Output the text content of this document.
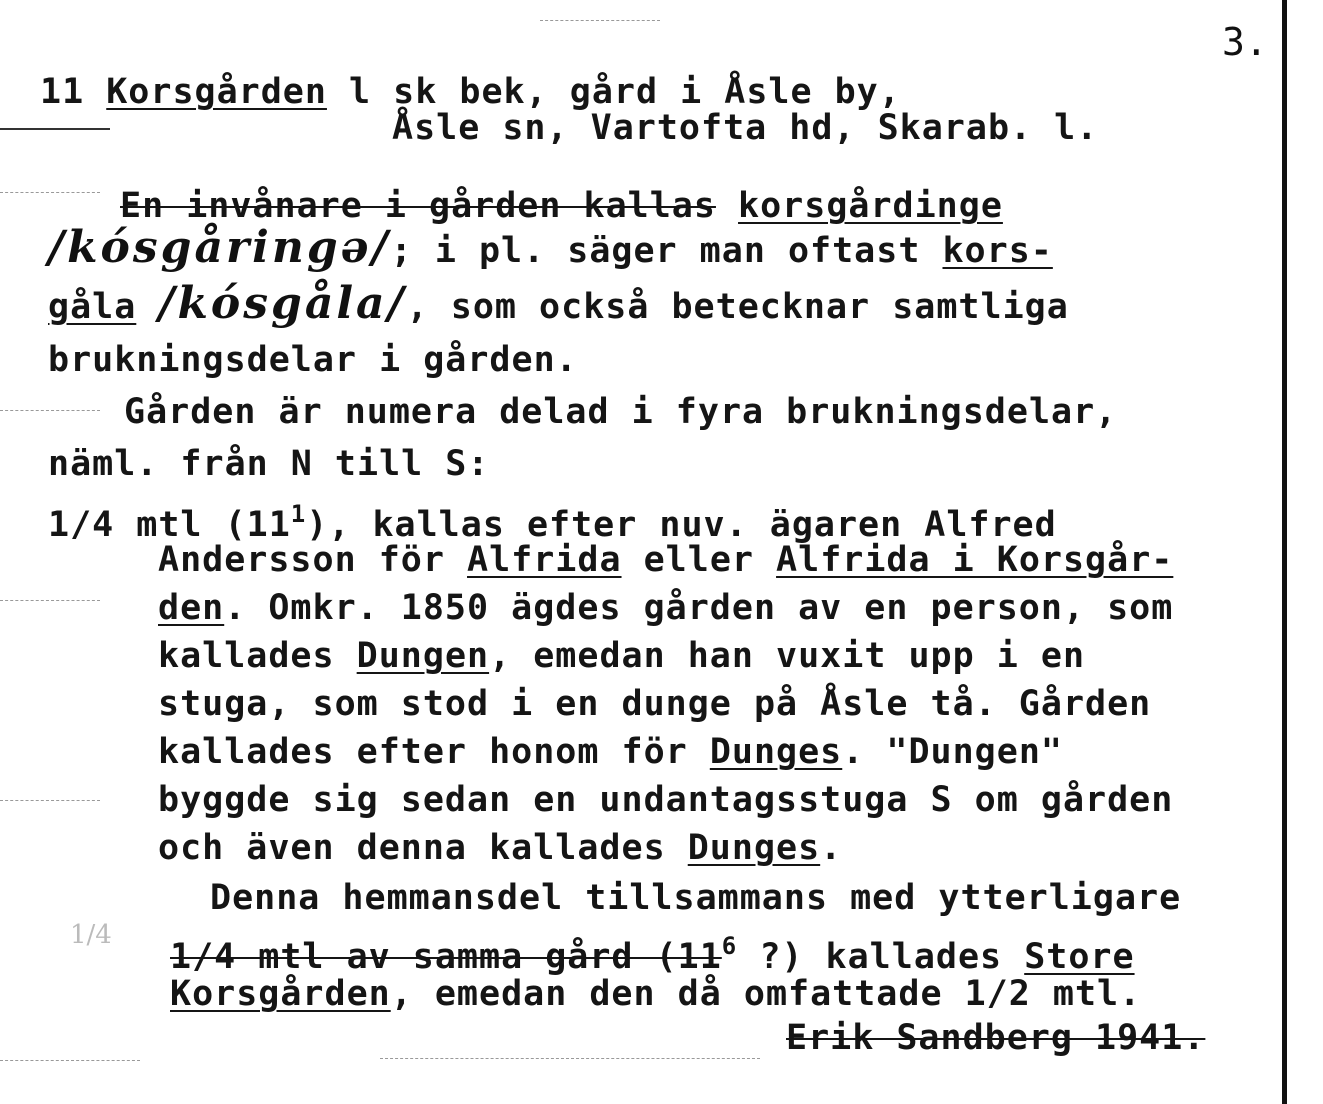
3.
11 Korsgården l sk bek, gård i Åsle by,
Åsle sn, Vartofta hd, Skarab. l.
En invånare i gården kallas korsgårdinge
/kósgåringə/; i pl. säger man oftast kors-
gåla /kósgåla/, som också betecknar samtliga
brukningsdelar i gården.
Gården är numera delad i fyra brukningsdelar,
näml. från N till S:
1/4 mtl $(11^1)$, kallas efter nuv. ägaren Alfred
Andersson för Alfrida eller Alfrida i Korsgår-
den. Omkr. 1850 ägdes gården av en person, som
kallades Dungen, emedan han vuxit upp i en
stuga, som stod i en dunge på Åsle tå. Gården
kallades efter honom för Dunges. "Dungen"
byggde sig sedan en undantagsstuga S om gården
och även denna kallades Dunges.
Denna hemmansdel tillsammans med ytterligare
1/4
1/4 mtl av samma gård ($11^6$ ?) kallades Store
Korsgården, emedan den då omfattade 1/2 mtl.
Erik Sandberg 1941.
